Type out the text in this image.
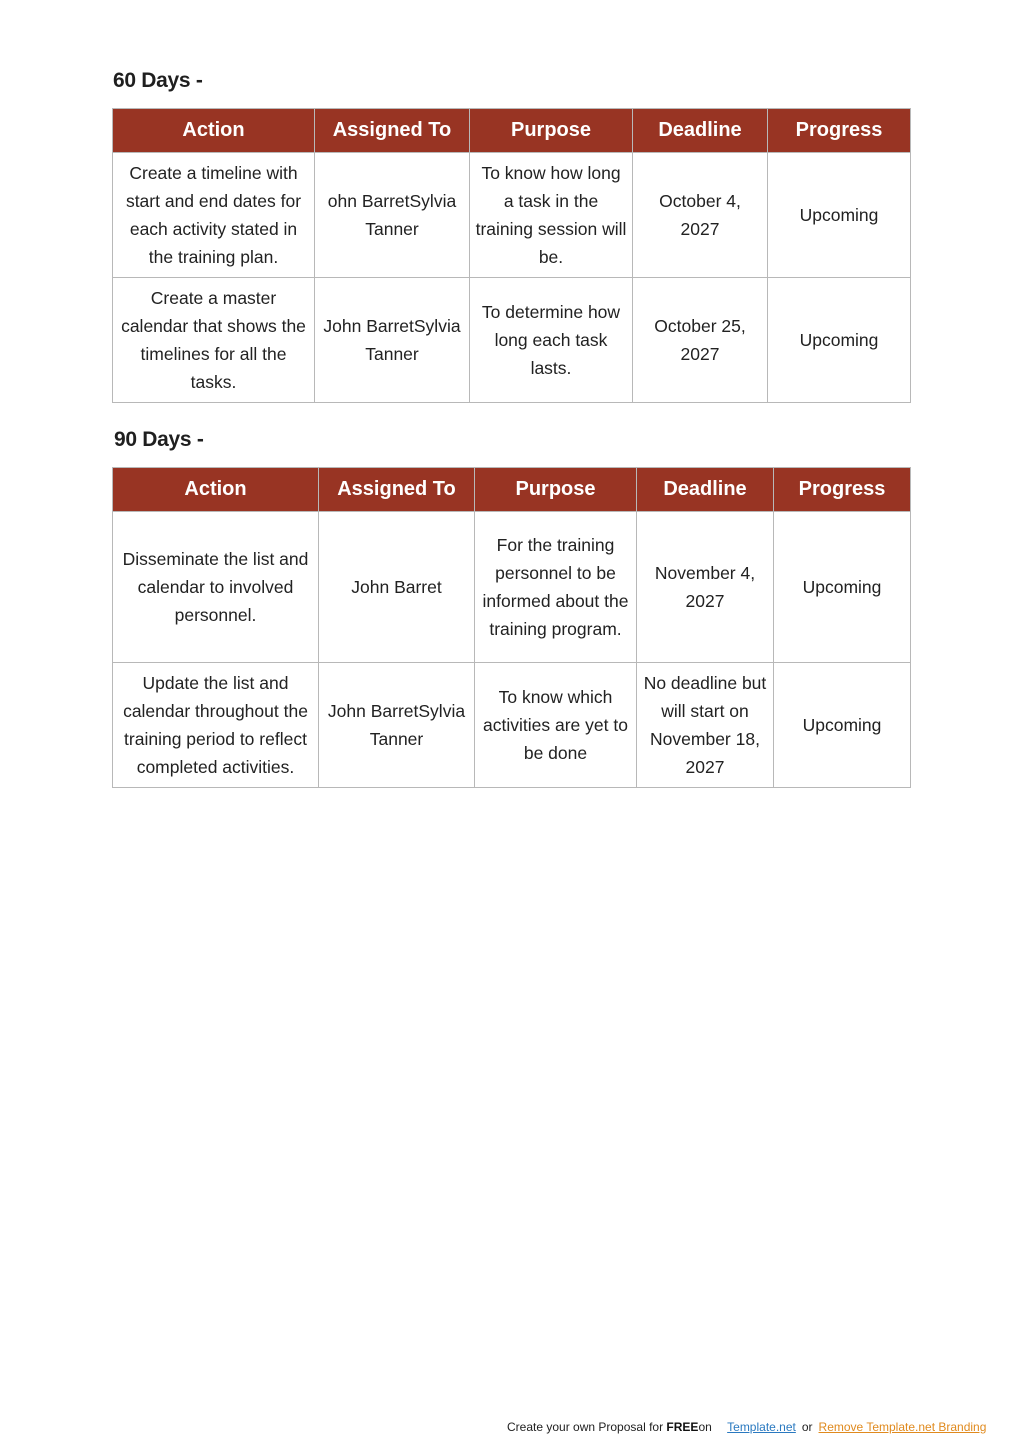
60 Days -
Action	Assigned To	Purpose	Deadline	Progress
Create a timeline with start and end dates for each activity stated in the training plan.	ohn BarretSylvia Tanner	To know how long a task in the training session will be.	October 4, 2027	Upcoming
Create a master calendar that shows the timelines for all the tasks.	John BarretSylvia Tanner	To determine how long each task lasts.	October 25, 2027	Upcoming
90 Days -
Action	Assigned To	Purpose	Deadline	Progress
Disseminate the list and calendar to involved personnel.	John Barret	For the training personnel to be informed about the training program.	November 4, 2027	Upcoming
Update the list and calendar throughout the training period to reflect completed activities.	John BarretSylvia Tanner	To know which activities are yet to be done	No deadline but will start on November 18, 2027	Upcoming
Create your own Proposal for FREEon Template.net or Remove Template.net Branding
